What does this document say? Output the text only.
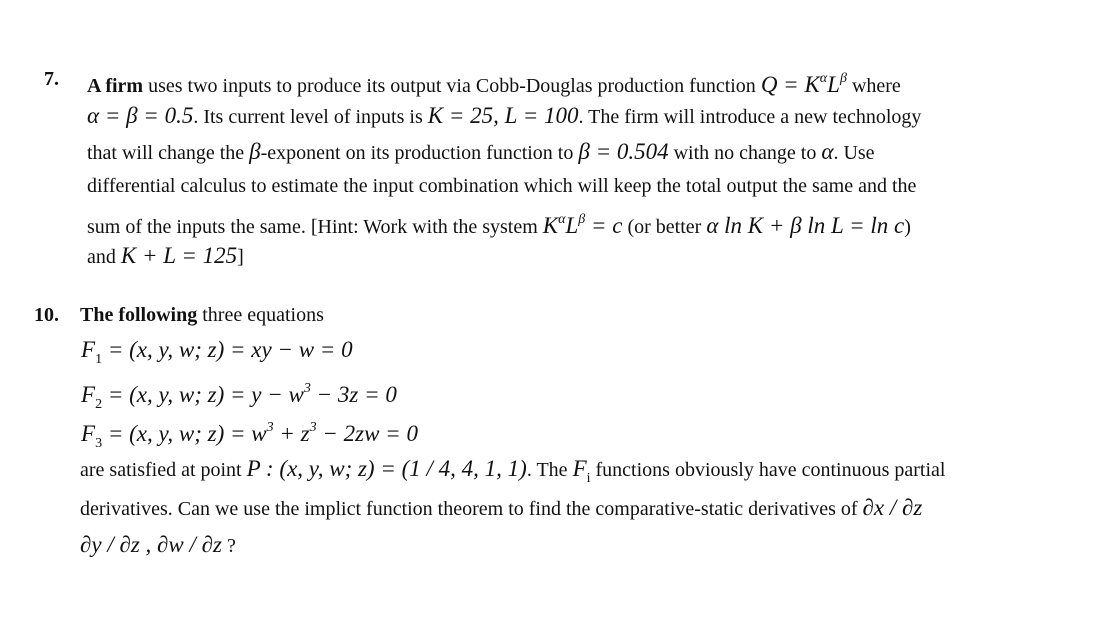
7. A firm uses two inputs to produce its output via Cobb-Douglas production function $Q = K^\alpha L^\beta$ where
α = β = 0.5. Its current level of inputs is K = 25, L = 100. The firm will introduce a new technology
that will change the β-exponent on its production function to β = 0.504 with no change to α. Use
differential calculus to estimate the input combination which will keep the total output the same and the
sum of the inputs the same. [Hint: Work with the system $K^\alpha L^\beta = c$ (or better α ln K + β ln L = ln c)
and K + L = 125]
10. The following three equations
$F_1 = (x$, y, w; z) = xy − w = 0
$F_2 = (x$, y, w; $z) = y - w^3 - 3z = 0$
$F_3 = (x$, y, w; $z) = w^3 + z^3 - 2zw = 0$
are satisfied at point P : (x, y, w; z) = (1 / 4, 4, 1, 1). The $F_i$ functions obviously have continuous partial
derivatives. Can we use the implict function theorem to find the comparative-static derivatives of ∂x / ∂z
∂y / ∂z , ∂w / ∂z ?
